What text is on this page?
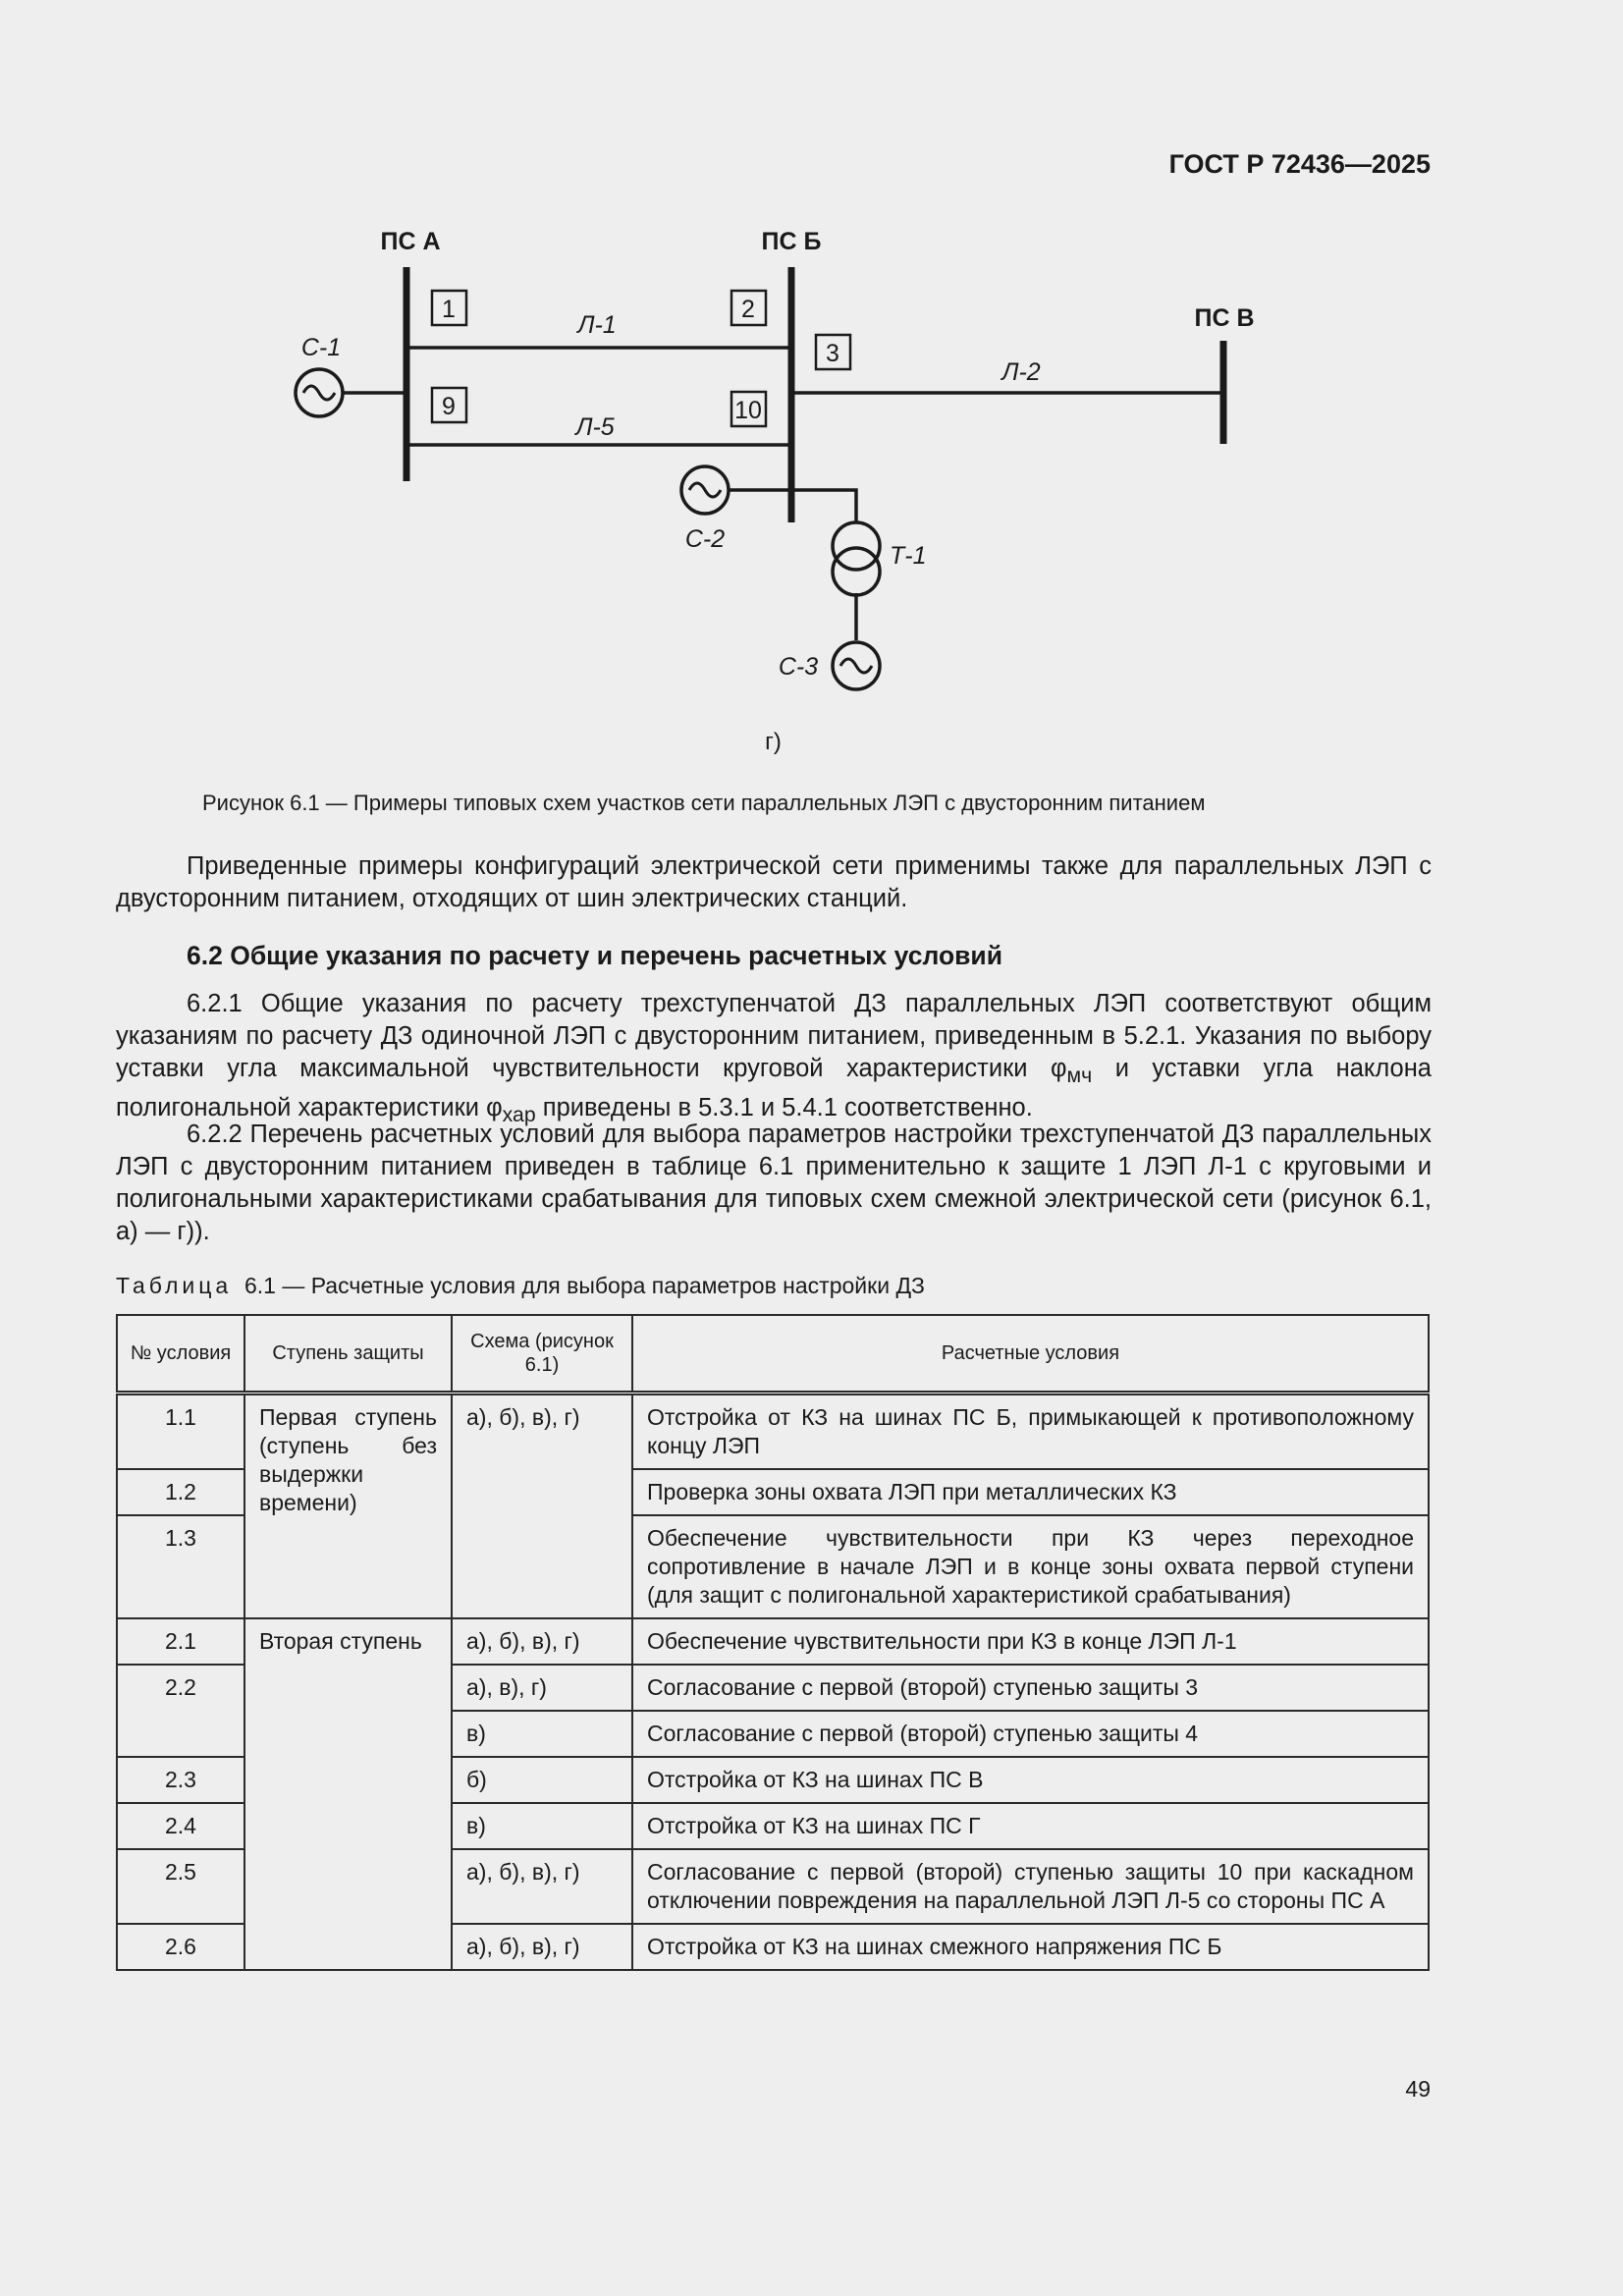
ГОСТ Р 72436—2025
ПС А	ПС Б
ПС В
Л-1
Л-5
Л-2
С-1
С-2
С-3
Т-1
1	2
3
9	10
г)
Рисунок 6.1 — Примеры типовых схем участков сети параллельных ЛЭП с двусторонним питанием

Приведенные примеры конфигураций электрической сети применимы также для параллельных ЛЭП с двусторонним питанием, отходящих от шин электрических станций.

6.2 Общие указания по расчету и перечень расчетных условий

6.2.1 Общие указания по расчету трехступенчатой ДЗ параллельных ЛЭП соответствуют общим указаниям по расчету ДЗ одиночной ЛЭП с двусторонним питанием, приведенным в 5.2.1. Указания по выбору уставки угла максимальной чувствительности круговой характеристики $\varphi_{мч}$ и уставки угла наклона полигональной характеристики $\varphi_{хар}$ приведены в 5.3.1 и 5.4.1 соответственно.

6.2.2 Перечень расчетных условий для выбора параметров настройки трехступенчатой ДЗ параллельных ЛЭП с двусторонним питанием приведен в таблице 6.1 применительно к защите 1 ЛЭП Л-1 с круговыми и полигональными характеристиками срабатывания для типовых схем смежной электрической сети (рисунок 6.1, а) — г)).

Таблица 6.1 — Расчетные условия для выбора параметров настройки ДЗ
№ условия	Ступень защиты	Схема (рисунок 6.1)	Расчетные условия
1.1	Первая ступень (ступень без выдержки времени)	а), б), в), г)	Отстройка от КЗ на шинах ПС Б, примыкающей к противоположному концу ЛЭП
1.2			Проверка зоны охвата ЛЭП при металлических КЗ
1.3			Обеспечение чувствительности при КЗ через переходное сопротивление в начале ЛЭП и в конце зоны охвата первой ступени (для защит с полигональной характеристикой срабатывания)
2.1	Вторая ступень	а), б), в), г)	Обеспечение чувствительности при КЗ в конце ЛЭП Л-1
2.2		а), в), г)	Согласование с первой (второй) ступенью защиты 3
		в)	Согласование с первой (второй) ступенью защиты 4
2.3		б)	Отстройка от КЗ на шинах ПС В
2.4		в)	Отстройка от КЗ на шинах ПС Г
2.5		а), б), в), г)	Согласование с первой (второй) ступенью защиты 10 при каскадном отключении повреждения на параллельной ЛЭП Л-5 со стороны ПС А
2.6		а), б), в), г)	Отстройка от КЗ на шинах смежного напряжения ПС Б
49
